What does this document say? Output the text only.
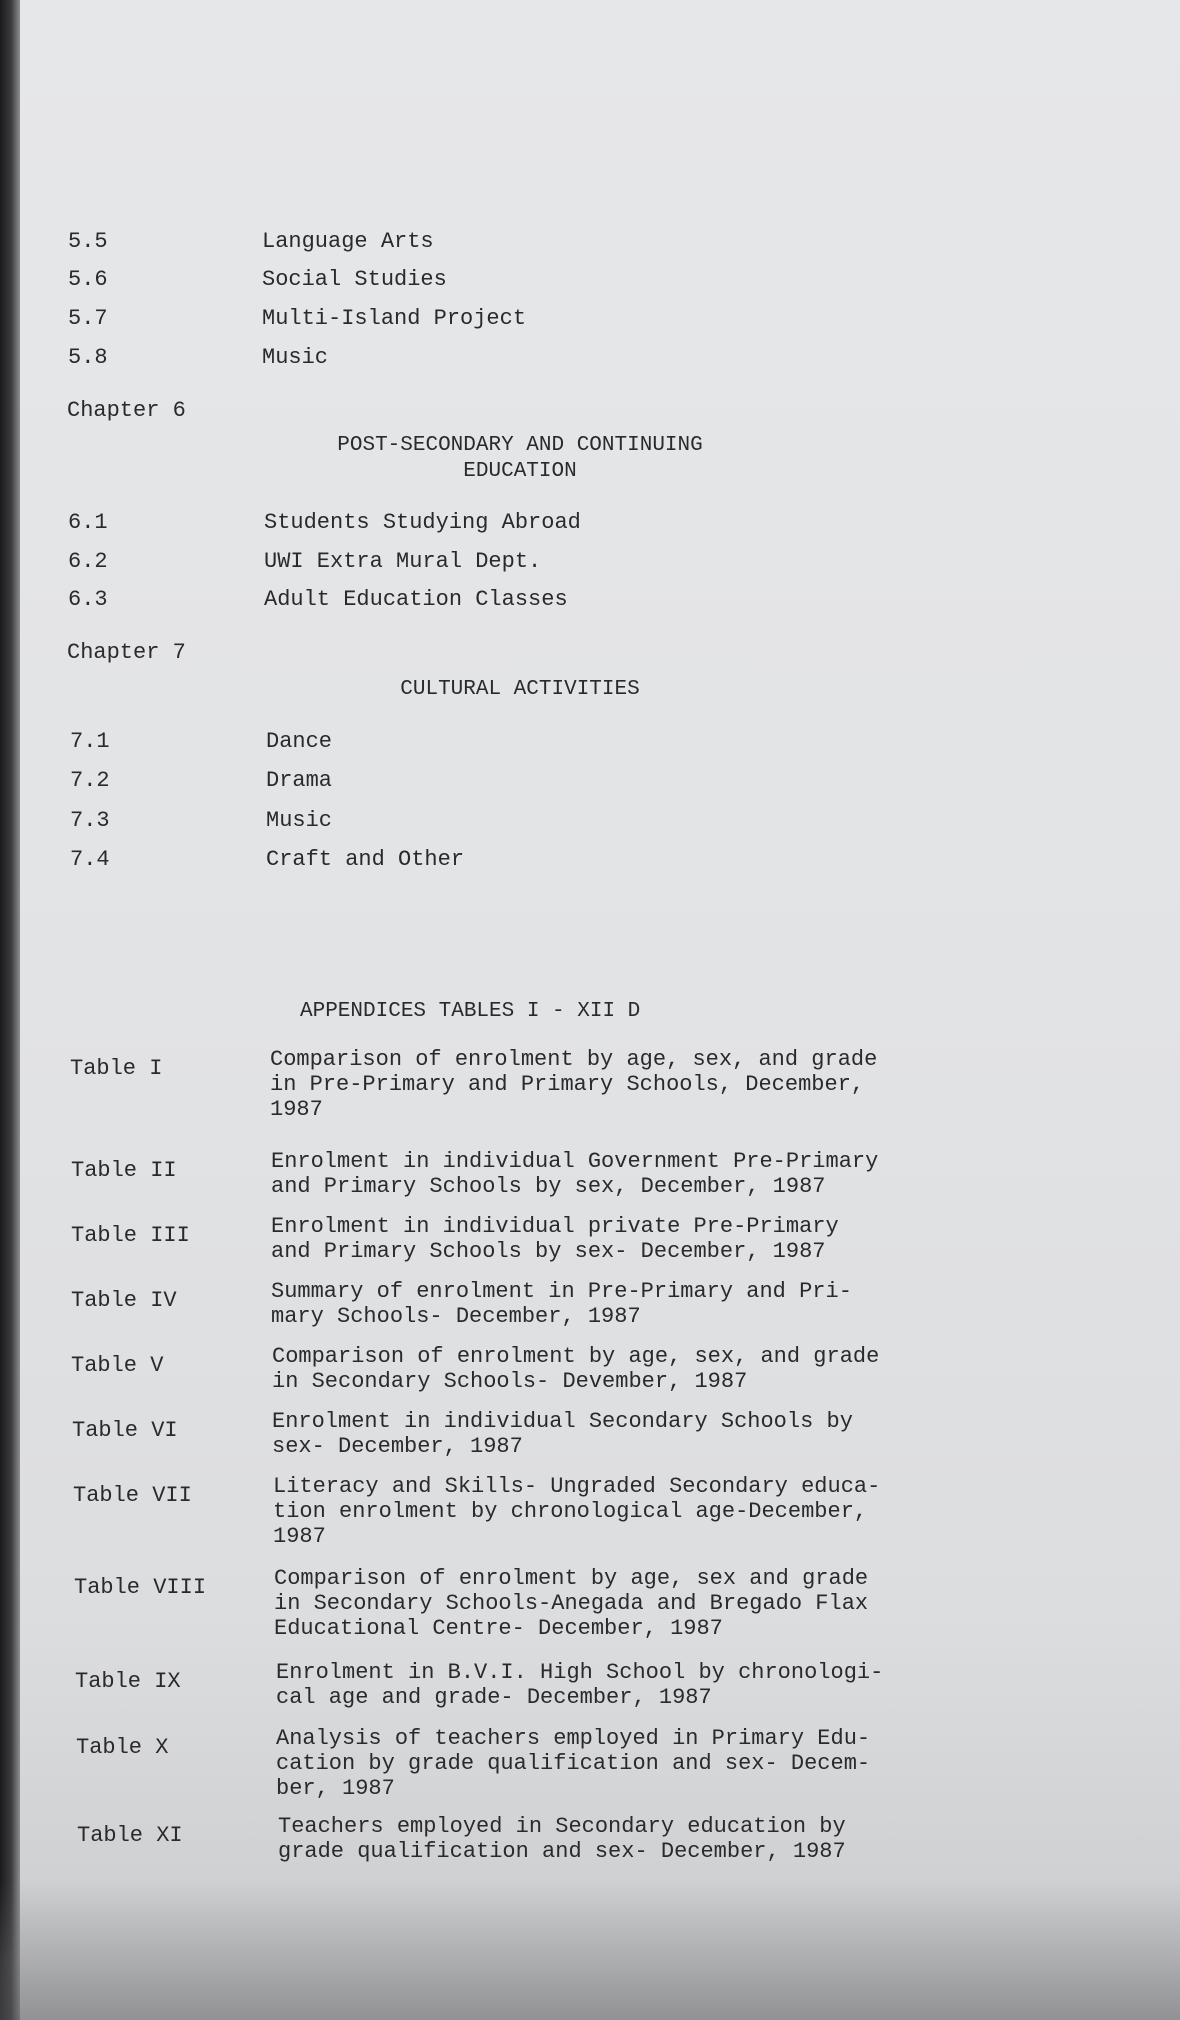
5.5	Language Arts
5.6	Social Studies
5.7	Multi-Island Project
5.8	Music
Chapter 6
POST-SECONDARY AND CONTINUING
EDUCATION
6.1	Students Studying Abroad
6.2	UWI Extra Mural Dept.
6.3	Adult Education Classes
Chapter 7
CULTURAL ACTIVITIES
7.1	Dance
7.2	Drama
7.3	Music
7.4	Craft and Other
APPENDICES TABLES I - XII D
Table I	Comparison of enrolment by age, sex, and grade
in Pre-Primary and Primary Schools, December,
1987
Table II	Enrolment in individual Government Pre-Primary
and Primary Schools by sex, December, 1987
Table III	Enrolment in individual private Pre-Primary
and Primary Schools by sex- December, 1987
Table IV	Summary of enrolment in Pre-Primary and Pri-
mary Schools- December, 1987
Table V	Comparison of enrolment by age, sex, and grade
in Secondary Schools- Devember, 1987
Table VI	Enrolment in individual Secondary Schools by
sex- December, 1987
Table VII	Literacy and Skills- Ungraded Secondary educa-
tion enrolment by chronological age-December,
1987
Table VIII	Comparison of enrolment by age, sex and grade
in Secondary Schools-Anegada and Bregado Flax
Educational Centre- December, 1987
Table IX	Enrolment in B.V.I. High School by chronologi-
cal age and grade- December, 1987
Table X	Analysis of teachers employed in Primary Edu-
cation by grade qualification and sex- Decem-
ber, 1987
Table XI	Teachers employed in Secondary education by
grade qualification and sex- December, 1987
